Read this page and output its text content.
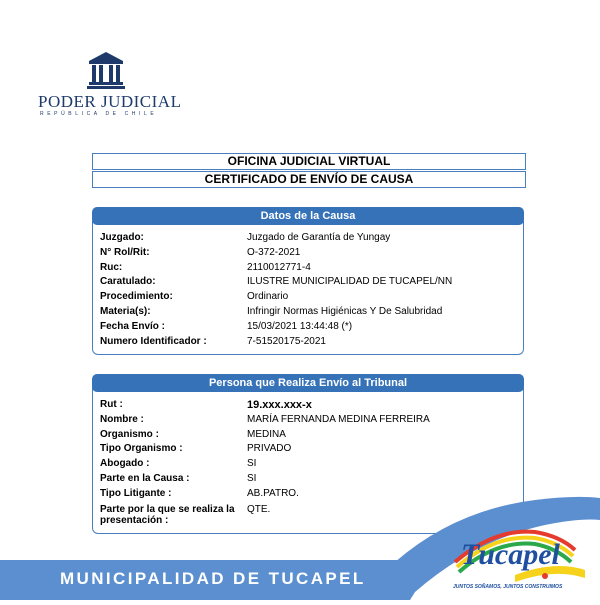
PODER JUDICIAL
REPÚBLICA DE CHILE
OFICINA JUDICIAL VIRTUAL
CERTIFICADO DE ENVÍO DE CAUSA
Datos de la Causa
Juzgado:	Juzgado de Garantía de Yungay
N° Rol/Rit:	O-372-2021
Ruc:	2110012771-4
Caratulado:	ILUSTRE MUNICIPALIDAD DE TUCAPEL/NN
Procedimiento:	Ordinario
Materia(s):	Infringir Normas Higiénicas Y De Salubridad
Fecha Envío :	15/03/2021 13:44:48 (*)
Numero Identificador :	7-51520175-2021
Persona que Realiza Envío al Tribunal
Rut :	19.xxx.xxx-x
Nombre :	MARÍA FERNANDA MEDINA FERREIRA
Organismo :	MEDINA
Tipo Organismo :	PRIVADO
Abogado :	SI
Parte en la Causa :	SI
Tipo Litigante :	AB.PATRO.
Parte por la que se realiza la presentación :
QTE.
MUNICIPALIDAD DE TUCAPEL
Tucapel
JUNTOS SOÑAMOS, JUNTOS CONSTRUIMOS
